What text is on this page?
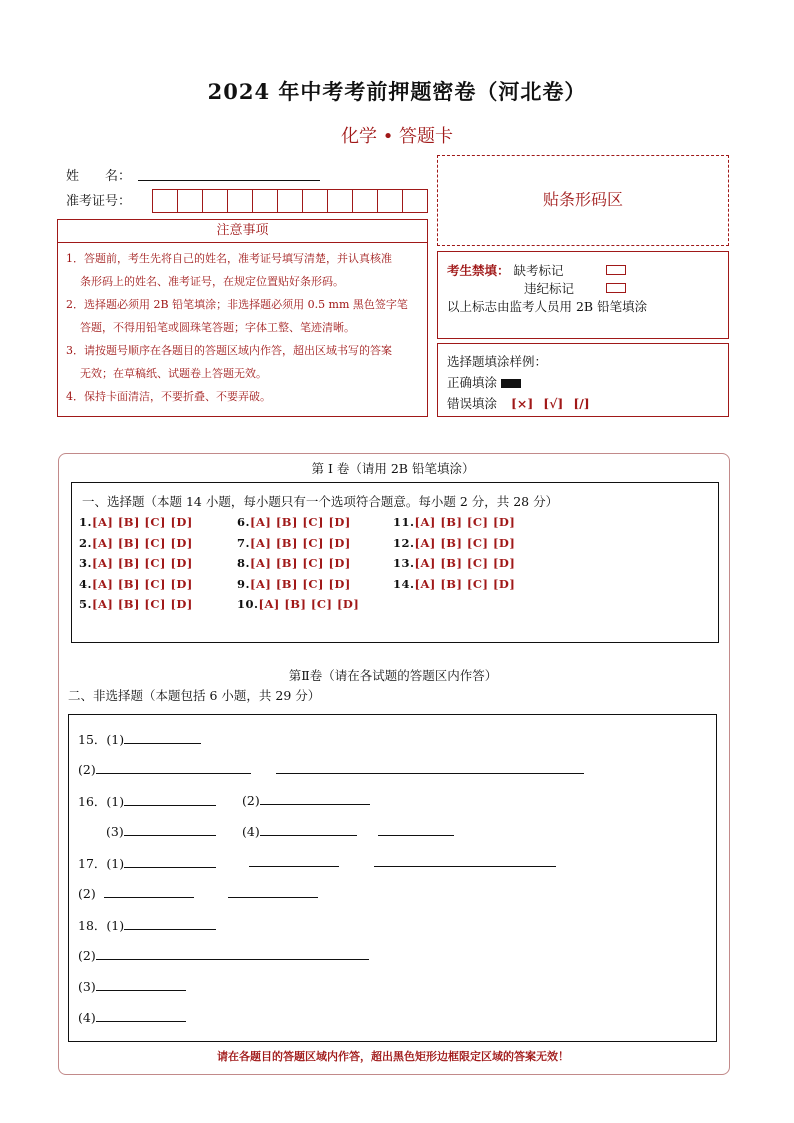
2024 年中考考前押题密卷（河北卷）
化学 • 答题卡
姓　　名：
准考证号：	贴条形码区
注意事项

1．答题前，考生先将自己的姓名，准考证号填写清楚，并认真核准

条形码上的姓名、准考证号，在规定位置贴好条形码。

2．选择题必须用 2B 铅笔填涂；非选择题必须用 0.5 mm 黑色签字笔

答题，不得用铅笔或圆珠笔答题；字体工整、笔迹清晰。

3．请按题号顺序在各题目的答题区域内作答，超出区域书写的答案

无效；在草稿纸、试题卷上答题无效。

4．保持卡面清洁，不要折叠、不要弄破。

考生禁填： 缺考标记
违纪标记
以上标志由监考人员用 2B 铅笔填涂
选择题填涂样例：
正确填涂
错误填涂 [×] [√] [/]
第 I 卷（请用 2B 铅笔填涂）
一、选择题（本题 14 小题，每小题只有一个选项符合题意。每小题 2 分，共 28 分）
1.[A] [B] [C] [D]
2.[A] [B] [C] [D]
3.[A] [B] [C] [D]
4.[A] [B] [C] [D]
5.[A] [B] [C] [D]
6.[A] [B] [C] [D]
7.[A] [B] [C] [D]
8.[A] [B] [C] [D]
9.[A] [B] [C] [D]
10.[A] [B] [C] [D]
11.[A] [B] [C] [D]
12.[A] [B] [C] [D]
13.[A] [B] [C] [D]
14.[A] [B] [C] [D]
第Ⅱ卷（请在各试题的答题区内作答）
二、非选择题（本题包括 6 小题，共 29 分）
15．(1)
(2)
16．(1)	(2)
(3)	(4)
17．(1)
(2)
18．(1)
(2)
(3)
(4)
请在各题目的答题区域内作答，超出黑色矩形边框限定区域的答案无效！
